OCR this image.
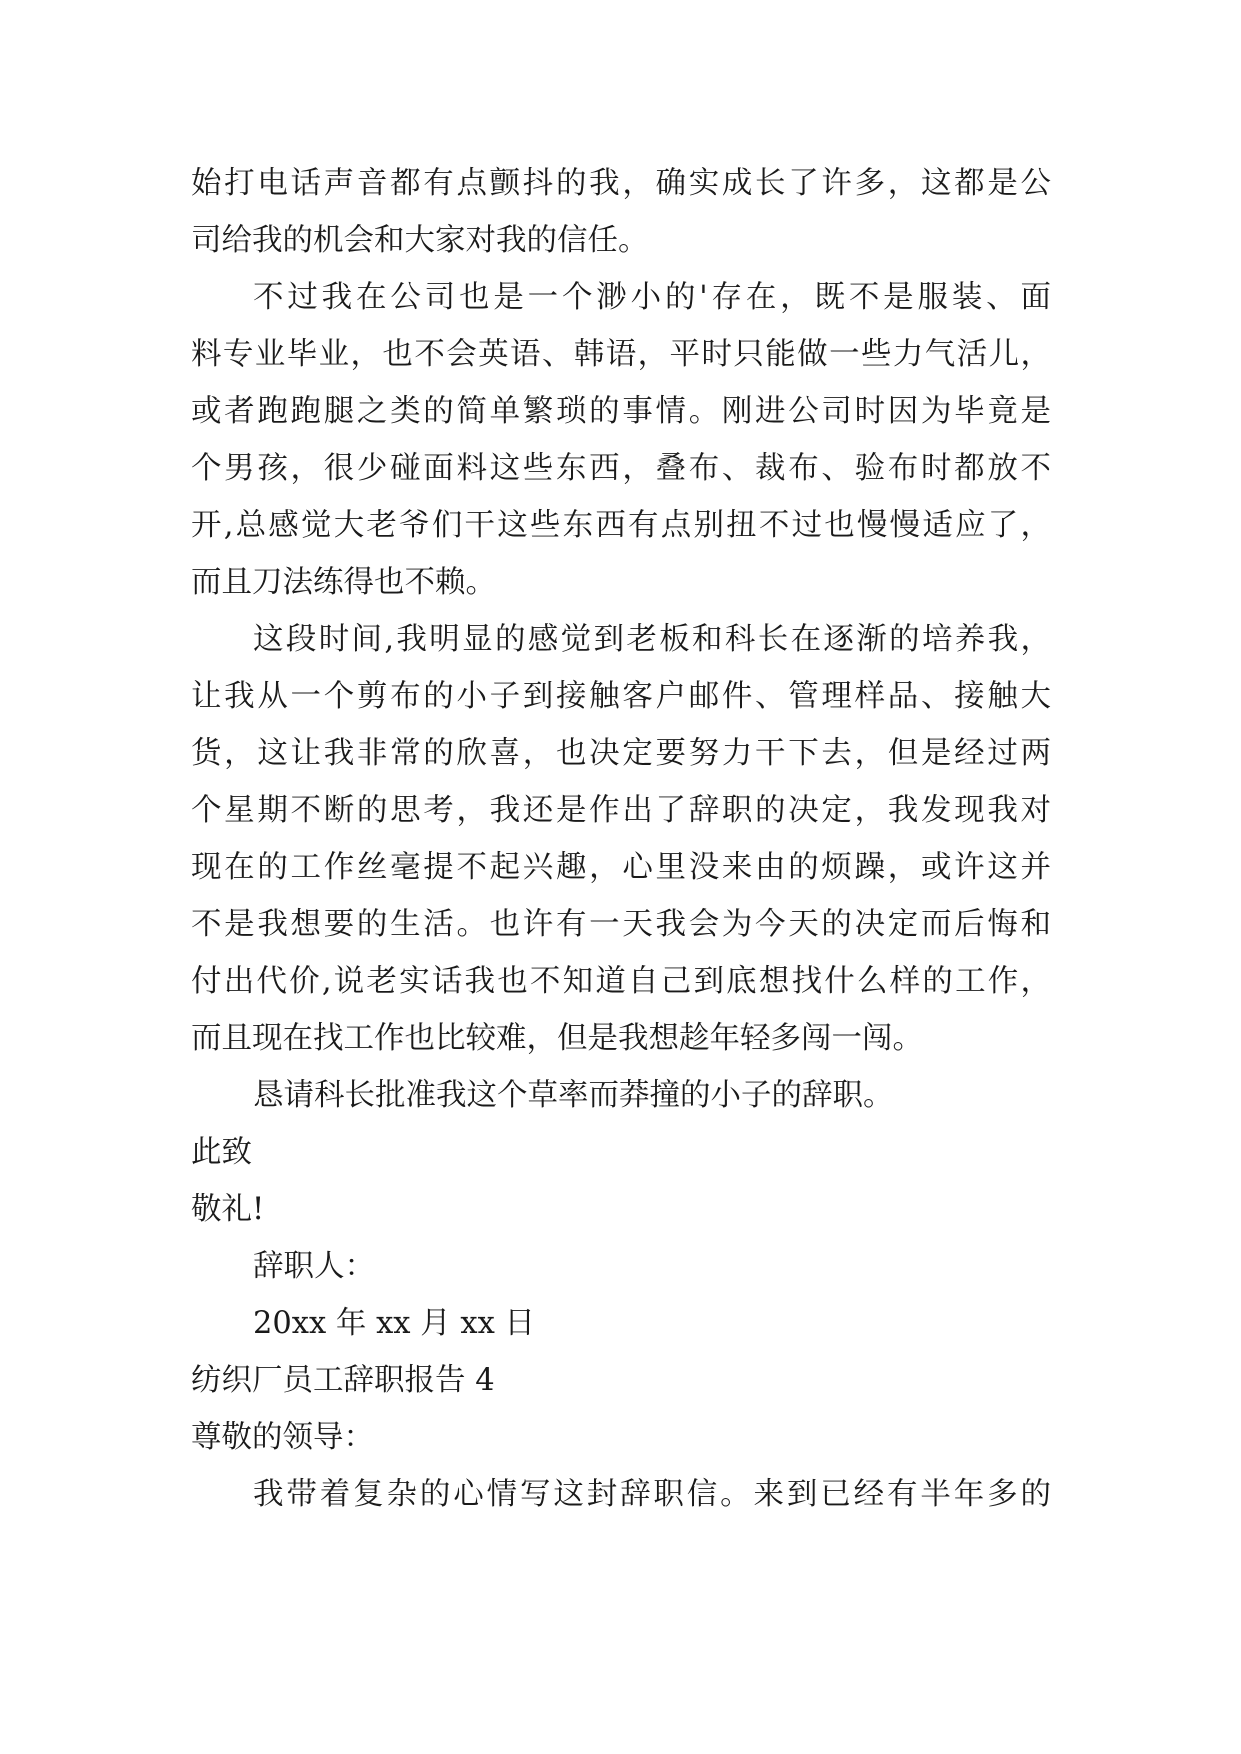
始打电话声音都有点颤抖的我，确实成长了许多，这都是公
司给我的机会和大家对我的信任。
不过我在公司也是一个渺小的'存在，既不是服装、面
料专业毕业，也不会英语、韩语，平时只能做一些力气活儿，
或者跑跑腿之类的简单繁琐的事情。刚进公司时因为毕竟是
个男孩，很少碰面料这些东西，叠布、裁布、验布时都放不
开,总感觉大老爷们干这些东西有点别扭不过也慢慢适应了，
而且刀法练得也不赖。
这段时间,我明显的感觉到老板和科长在逐渐的培养我，
让我从一个剪布的小子到接触客户邮件、管理样品、接触大
货，这让我非常的欣喜，也决定要努力干下去，但是经过两
个星期不断的思考，我还是作出了辞职的决定，我发现我对
现在的工作丝毫提不起兴趣，心里没来由的烦躁，或许这并
不是我想要的生活。也许有一天我会为今天的决定而后悔和
付出代价,说老实话我也不知道自己到底想找什么样的工作，
而且现在找工作也比较难，但是我想趁年轻多闯一闯。
恳请科长批准我这个草率而莽撞的小子的辞职。
此致
敬礼!
辞职人：
20xx 年 xx 月 xx 日
纺织厂员工辞职报告 4
尊敬的领导：
我带着复杂的心情写这封辞职信。来到已经有半年多的
